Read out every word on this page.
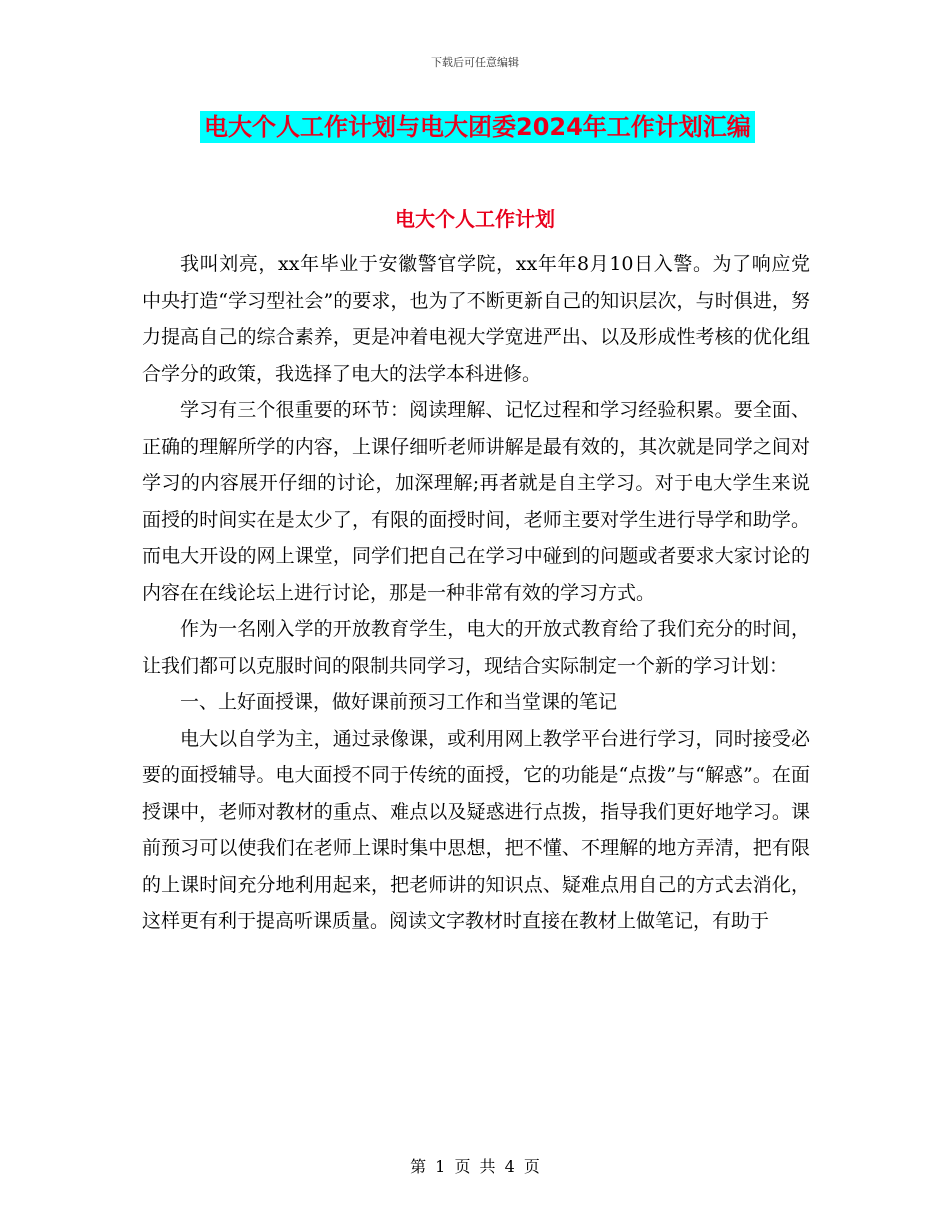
下载后可任意编辑
电大个人工作计划与电大团委2024年工作计划汇编
电大个人工作计划

我叫刘亮，xx年毕业于安徽警官学院，xx年年8月10日入警。为了响应党中央打造“学习型社会”的要求，也为了不断更新自己的知识层次，与时俱进，努力提高自己的综合素养，更是冲着电视大学宽进严出、以及形成性考核的优化组合学分的政策，我选择了电大的法学本科进修。

学习有三个很重要的环节：阅读理解、记忆过程和学习经验积累。要全面、正确的理解所学的内容，上课仔细听老师讲解是最有效的，其次就是同学之间对学习的内容展开仔细的讨论，加深理解;再者就是自主学习。对于电大学生来说面授的时间实在是太少了，有限的面授时间，老师主要对学生进行导学和助学。而电大开设的网上课堂，同学们把自己在学习中碰到的问题或者要求大家讨论的内容在在线论坛上进行讨论，那是一种非常有效的学习方式。

作为一名刚入学的开放教育学生，电大的开放式教育给了我们充分的时间，让我们都可以克服时间的限制共同学习，现结合实际制定一个新的学习计划：

一、上好面授课，做好课前预习工作和当堂课的笔记

电大以自学为主，通过录像课，或利用网上教学平台进行学习，同时接受必要的面授辅导。电大面授不同于传统的面授，它的功能是“点拨”与“解惑”。在面授课中，老师对教材的重点、难点以及疑惑进行点拨，指导我们更好地学习。课前预习可以使我们在老师上课时集中思想，把不懂、不理解的地方弄清，把有限的上课时间充分地利用起来，把老师讲的知识点、疑难点用自己的方式去消化，这样更有利于提高听课质量。阅读文字教材时直接在教材上做笔记，有助于

第 1 页 共 4 页
